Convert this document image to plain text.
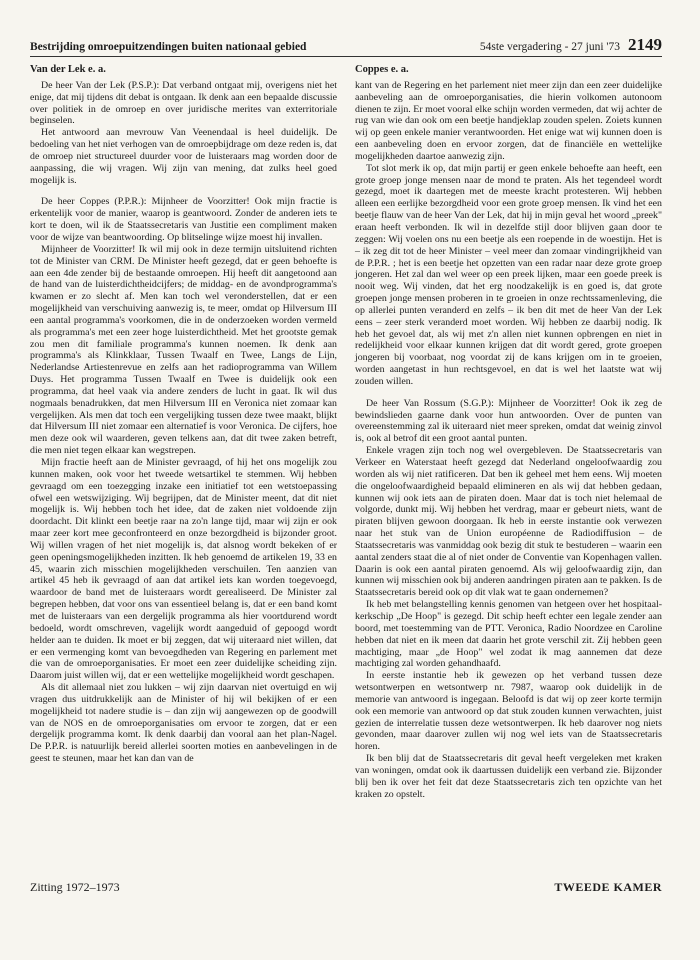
Bestrijding omroepuitzendingen buiten nationaal gebied	54ste vergadering - 27 juni '73 2149

Van der Lek e. a.

De heer Van der Lek (P.S.P.): Dat verband ontgaat mij, overigens niet het enige, dat mij tijdens dit debat is ontgaan. Ik denk aan een bepaalde discussie over politiek in de omroep en over juridische merites van exterritoriale beginselen.

Het antwoord aan mevrouw Van Veenendaal is heel duidelijk. De bedoeling van het niet verhogen van de omroepbijdrage om deze reden is, dat de omroep niet structureel duurder voor de luisteraars mag worden door de aanpassing, die wij vragen. Wij zijn van mening, dat zulks heel goed mogelijk is.

De heer Coppes (P.P.R.): Mijnheer de Voorzitter! Ook mijn fractie is erkentelijk voor de manier, waarop is geantwoord. Zonder de anderen iets te kort te doen, wil ik de Staatssecretaris van Justitie een compliment maken voor de wijze van beantwoording. Op blitselinge wijze moest hij invallen.

Mijnheer de Voorzitter! Ik wil mij ook in deze termijn uitsluitend richten tot de Minister van CRM. De Minister heeft gezegd, dat er geen behoefte is aan een 4de zender bij de bestaande omroepen. Hij heeft dit aangetoond aan de hand van de luisterdichtheidcijfers; de middag- en de avondprogramma's kwamen er zo slecht af. Men kan toch wel veronderstellen, dat er een mogelijkheid van verschuiving aanwezig is, te meer, omdat op Hilversum III een aantal programma's voorkomen, die in de onderzoeken worden vermeld als programma's met een zeer hoge luisterdichtheid. Met het grootste gemak zou men dit familiale programma's kunnen noemen. Ik denk aan programma's als Klinkklaar, Tussen Twaalf en Twee, Langs de Lijn, Nederlandse Artiestenrevue en zelfs aan het radioprogramma van Willem Duys. Het programma Tussen Twaalf en Twee is duidelijk ook een programma, dat heel vaak via andere zenders de lucht in gaat. Ik wil dus nogmaals benadrukken, dat men Hilversum III en Veronica niet zomaar kan vergelijken. Als men dat toch een vergelijking tussen deze twee maakt, blijkt dat Hilversum III niet zomaar een alternatief is voor Veronica. De cijfers, hoe men deze ook wil waarderen, geven telkens aan, dat dit twee zaken betreft, die men niet tegen elkaar kan wegstrepen.

Mijn fractie heeft aan de Minister gevraagd, of hij het ons mogelijk zou kunnen maken, ook voor het tweede wetsartikel te stemmen. Wij hebben gevraagd om een toezegging inzake een initiatief tot een wetstoepassing ofwel een wetswijziging. Wij begrijpen, dat de Minister meent, dat dit niet mogelijk is. Wij hebben toch het idee, dat de zaken niet voldoende zijn doordacht. Dit klinkt een beetje raar na zo'n lange tijd, maar wij zijn er ook maar zeer kort mee geconfronteerd en onze bezorgdheid is bijzonder groot. Wij willen vragen of het niet mogelijk is, dat alsnog wordt bekeken of er geen openingsmogelijkheden inzitten. Ik heb genoemd de artikelen 19, 33 en 45, waarin zich misschien mogelijkheden verschuilen. Ten aanzien van artikel 45 heb ik gevraagd of aan dat artikel iets kan worden toegevoegd, waardoor de band met de luisteraars wordt gerealiseerd. De Minister zal begrepen hebben, dat voor ons van essentieel belang is, dat er een band komt met de luisteraars van een dergelijk programma als hier voortdurend wordt bedoeld, wordt omschreven, vagelijk wordt aangeduid of gepoogd wordt helder aan te duiden. Ik moet er bij zeggen, dat wij uiteraard niet willen, dat er een vermenging komt van bevoegdheden van Regering en parlement met die van de omroeporganisaties. Er moet een zeer duidelijke scheiding zijn. Daarom juist willen wij, dat er een wettelijke mogelijkheid wordt geschapen.

Als dit allemaal niet zou lukken – wij zijn daarvan niet overtuigd en wij vragen dus uitdrukkelijk aan de Minister of hij wil bekijken of er een mogelijkheid tot nadere studie is – dan zijn wij aangewezen op de goodwill van de NOS en de omroeporganisaties om ervoor te zorgen, dat er een dergelijk programma komt. Ik denk daarbij dan vooral aan het plan-Nagel. De P.P.R. is natuurlijk bereid allerlei soorten moties en aanbevelingen in de geest te steunen, maar het kan dan van de

Coppes e. a.

kant van de Regering en het parlement niet meer zijn dan een zeer duidelijke aanbeveling aan de omroeporganisaties, die hierin volkomen autonoom dienen te zijn. Er moet vooral elke schijn worden vermeden, dat wij achter de rug van wie dan ook om een beetje handjeklap zouden spelen. Zoiets kunnen wij op geen enkele manier verantwoorden. Het enige wat wij kunnen doen is een aanbeveling doen en ervoor zorgen, dat de financiële en wettelijke mogelijkheden daartoe aanwezig zijn.

Tot slot merk ik op, dat mijn partij er geen enkele behoefte aan heeft, een grote groep jonge mensen naar de mond te praten. Als het tegendeel wordt gezegd, moet ik daartegen met de meeste kracht protesteren. Wij hebben alleen een eerlijke bezorgdheid voor een grote groep mensen. Ik vind het een beetje flauw van de heer Van der Lek, dat hij in mijn geval het woord „preek" eraan heeft verbonden. Ik wil in dezelfde stijl door blijven gaan door te zeggen: Wij voelen ons nu een beetje als een roepende in de woestijn. Het is – ik zeg dit tot de heer Minister – veel meer dan zomaar vindingrijkheid van de P.P.R. ; het is een beetje het opzetten van een radar naar deze grote groep jongeren. Het zal dan wel weer op een preek lijken, maar een goede preek is nooit weg. Wij vinden, dat het erg noodzakelijk is en goed is, dat grote groepen jonge mensen proberen in te groeien in onze rechtssamenleving, die op allerlei punten veranderd en zelfs – ik ben dit met de heer Van der Lek eens – zeer sterk veranderd moet worden. Wij hebben ze daarbij nodig. Ik heb het gevoel dat, als wij met z'n allen niet kunnen opbrengen en niet in redelijkheid voor elkaar kunnen krijgen dat dit wordt gered, grote groepen jongeren bij voorbaat, nog voordat zij de kans krijgen om in te groeien, worden aangetast in hun rechtsgevoel, en dat is wel het laatste wat wij zouden willen.

De heer Van Rossum (S.G.P.): Mijnheer de Voorzitter! Ook ik zeg de bewindslieden gaarne dank voor hun antwoorden. Over de punten van overeenstemming zal ik uiteraard niet meer spreken, omdat dat weinig zinvol is, ook al betrof dit een groot aantal punten.

Enkele vragen zijn toch nog wel overgebleven. De Staatssecretaris van Verkeer en Waterstaat heeft gezegd dat Nederland ongeloofwaardig zou worden als wij niet ratificeren. Dat ben ik geheel met hem eens. Wij moeten die ongeloofwaardigheid bepaald elimineren en als wij dat hebben gedaan, kunnen wij ook iets aan de piraten doen. Maar dat is toch niet helemaal de volgorde, dunkt mij. Wij hebben het verdrag, maar er gebeurt niets, want de piraten blijven gewoon doorgaan. Ik heb in eerste instantie ook verwezen naar het stuk van de Union européenne de Radiodiffusion – de Staatssecretaris was vanmiddag ook bezig dit stuk te bestuderen – waarin een aantal zenders staat die al of niet onder de Conventie van Kopenhagen vallen. Daarin is ook een aantal piraten genoemd. Als wij geloofwaardig zijn, dan kunnen wij misschien ook bij anderen aandringen piraten aan te pakken. Is de Staatssecretaris bereid ook op dit vlak wat te gaan ondernemen?

Ik heb met belangstelling kennis genomen van hetgeen over het hospitaal-kerkschip „De Hoop" is gezegd. Dit schip heeft echter een legale zender aan boord, met toestemming van de PTT. Veronica, Radio Noordzee en Caroline hebben dat niet en ik meen dat daarin het grote verschil zit. Zij hebben geen machtiging, maar „de Hoop" wel zodat ik mag aannemen dat deze machtiging zal worden gehandhaafd.

In eerste instantie heb ik gewezen op het verband tussen deze wetsontwerpen en wetsontwerp nr. 7987, waarop ook duidelijk in de memorie van antwoord is ingegaan. Beloofd is dat wij op zeer korte termijn ook een memorie van antwoord op dat stuk zouden kunnen verwachten, juist gezien de interrelatie tussen deze wetsontwerpen. Ik heb daarover nog niets gevonden, maar daarover zullen wij nog wel iets van de Staatssecretaris horen.

Ik ben blij dat de Staatssecretaris dit geval heeft vergeleken met kraken van woningen, omdat ook ik daartussen duidelijk een verband zie. Bijzonder blij ben ik over het feit dat deze Staatssecretaris zich ten opzichte van het kraken zo opstelt.

Zitting 1972–1973	TWEEDE KAMER
